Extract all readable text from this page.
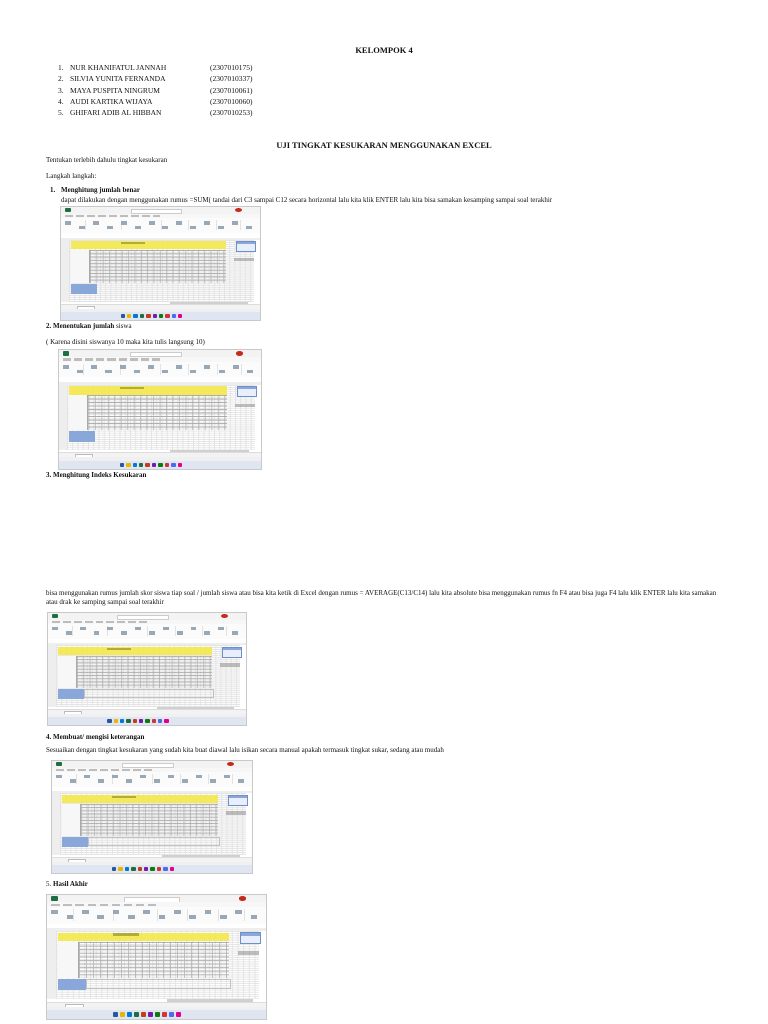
KELOMPOK 4
1. NUR KHANIFATUL JANNAH	(2307010175)
2. SILVIA YUNITA FERNANDA	(2307010337)
3. MAYA PUSPITA NINGRUM	(2307010061)
4. AUDI KARTIKA WIJAYA	(2307010060)
5. GHIFARI ADIB AL HIBBAN	(2307010253)
UJI TINGKAT KESUKARAN MENGGUNAKAN EXCEL
Tentukan terlebih dahulu tingkat kesukaran
Langkah langkah:
1. Menghitung jumlah benar
dapat dilakukan dengan menggunakan rumus =SUM( tandai dari C3 sampai C12 secara horizontal lalu kita klik ENTER lalu kita bisa samakan kesamping sampai soal terakhir
2. Menentukan jumlah siswa
( Karena disini siswanya 10 maka kita tulis langsung 10)
3. Menghitung Indeks Kesukaran
bisa menggunakan rumus jumlah skor siswa tiap soal / jumlah siswa atau bisa kita ketik di Excel dengan rumus = AVERAGE(C13/C14) lalu kita absolute bisa menggunakan rumus fn F4 atau bisa juga F4 lalu klik ENTER lalu kita samakan atau drak ke samping sampai soal terakhir
4. Membuat/ mengisi keterangan
Sesuaikan dengan tingkat kesukaran yang sudah kita buat diawal lalu isikan secara manual apakah termasuk tingkat sukar, sedang atau mudah
5. Hasil Akhir
